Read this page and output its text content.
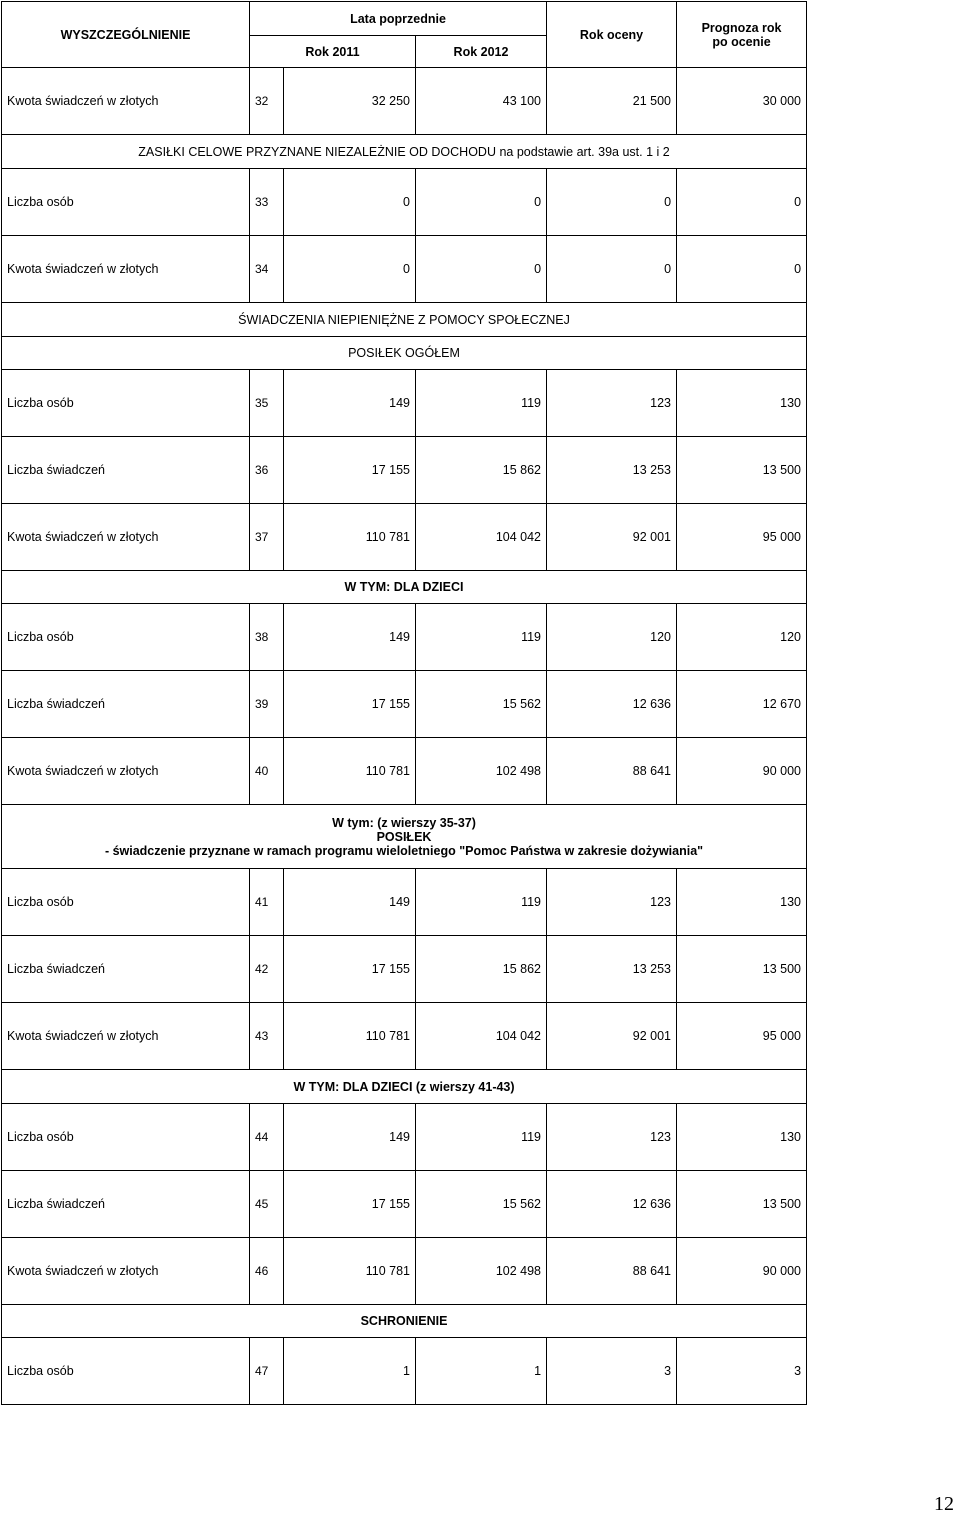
WYSZCZEGÓLNIENIE	Lata poprzednie			Rok oceny	Prognoza rok
po ocenie
	Rok 2011		Rok 2012		
Kwota świadczeń w złotych	32	32 250	43 100	21 500	30 000
ZASIŁKI CELOWE PRZYZNANE NIEZALEŻNIE OD DOCHODU na podstawie art. 39a ust. 1 i 2					
Liczba osób	33	0	0	0	0
Kwota świadczeń w złotych	34	0	0	0	0
ŚWIADCZENIA NIEPIENIĘŻNE Z POMOCY SPOŁECZNEJ					
POSIŁEK OGÓŁEM					
Liczba osób	35	149	119	123	130
Liczba świadczeń	36	17 155	15 862	13 253	13 500
Kwota świadczeń w złotych	37	110 781	104 042	92 001	95 000
W TYM: DLA DZIECI					
Liczba osób	38	149	119	120	120
Liczba świadczeń	39	17 155	15 562	12 636	12 670
Kwota świadczeń w złotych	40	110 781	102 498	88 641	90 000
W tym: (z wierszy 35-37)
POSIŁEK
- świadczenie przyznane w ramach programu wieloletniego "Pomoc Państwa w zakresie dożywiania"					
Liczba osób	41	149	119	123	130
Liczba świadczeń	42	17 155	15 862	13 253	13 500
Kwota świadczeń w złotych	43	110 781	104 042	92 001	95 000
W TYM: DLA DZIECI (z wierszy 41-43)					
Liczba osób	44	149	119	123	130
Liczba świadczeń	45	17 155	15 562	12 636	13 500
Kwota świadczeń w złotych	46	110 781	102 498	88 641	90 000
SCHRONIENIE					
Liczba osób	47	1	1	3	3
12
